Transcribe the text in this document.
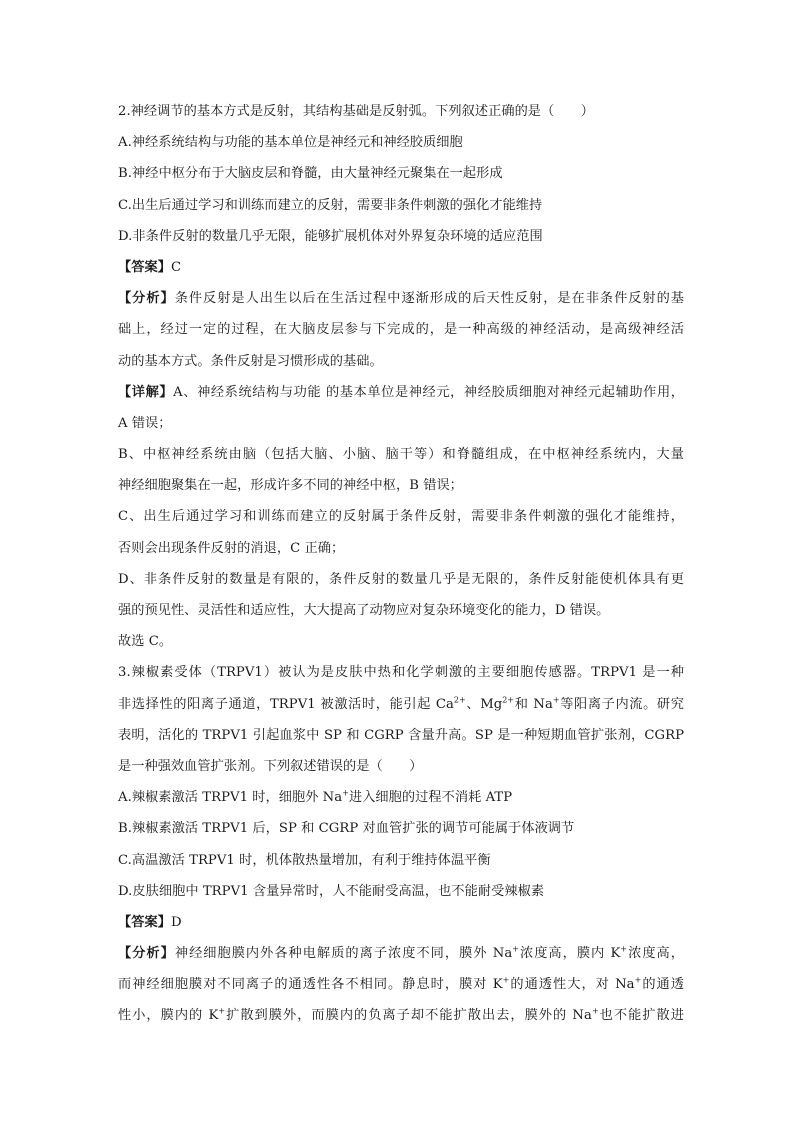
2.神经调节的基本方式是反射，其结构基础是反射弧。下列叙述正确的是（　　）
A.神经系统结构与功能的基本单位是神经元和神经胶质细胞
B.神经中枢分布于大脑皮层和脊髓，由大量神经元聚集在一起形成
C.出生后通过学习和训练而建立的反射，需要非条件刺激的强化才能维持
D.非条件反射的数量几乎无限，能够扩展机体对外界复杂环境的适应范围
【答案】C
【分析】条件反射是人出生以后在生活过程中逐渐形成的后天性反射，是在非条件反射的基
础上，经过一定的过程，在大脑皮层参与下完成的，是一种高级的神经活动，是高级神经活
动的基本方式。条件反射是习惯形成的基础。
【详解】A、神经系统结构与功能 的基本单位是神经元，神经胶质细胞对神经元起辅助作用，
A 错误；
B、中枢神经系统由脑（包括大脑、小脑、脑干等）和脊髓组成，在中枢神经系统内，大量
神经细胞聚集在一起，形成许多不同的神经中枢，B 错误；
C、出生后通过学习和训练而建立的反射属于条件反射，需要非条件刺激的强化才能维持，
否则会出现条件反射的消退，C 正确；
D、非条件反射的数量是有限的，条件反射的数量几乎是无限的，条件反射能使机体具有更
强的预见性、灵活性和适应性，大大提高了动物应对复杂环境变化的能力，D 错误。
故选 C。
3.辣椒素受体（TRPV1）被认为是皮肤中热和化学刺激的主要细胞传感器。TRPV1 是一种
非选择性的阳离子通道，TRPV1 被激活时，能引起 $Ca^{2+}$、$Mg^{2+}$和 Na+等阳离子内流。研究
表明，活化的 TRPV1 引起血浆中 SP 和 CGRP 含量升高。SP 是一种短期血管扩张剂，CGRP
是一种强效血管扩张剂。下列叙述错误的是（　　）
A.辣椒素激活 TRPV1 时，细胞外 Na+进入细胞的过程不消耗 ATP
B.辣椒素激活 TRPV1 后，SP 和 CGRP 对血管扩张的调节可能属于体液调节
C.高温激活 TRPV1 时，机体散热量增加，有利于维持体温平衡
D.皮肤细胞中 TRPV1 含量异常时，人不能耐受高温，也不能耐受辣椒素
【答案】D
【分析】神经细胞膜内外各种电解质的离子浓度不同，膜外 Na+浓度高，膜内 K+浓度高，
而神经细胞膜对不同离子的通透性各不相同。静息时，膜对 K+的通透性大，对 Na+的通透
性小，膜内的 K+扩散到膜外，而膜内的负离子却不能扩散出去，膜外的 Na+也不能扩散进
